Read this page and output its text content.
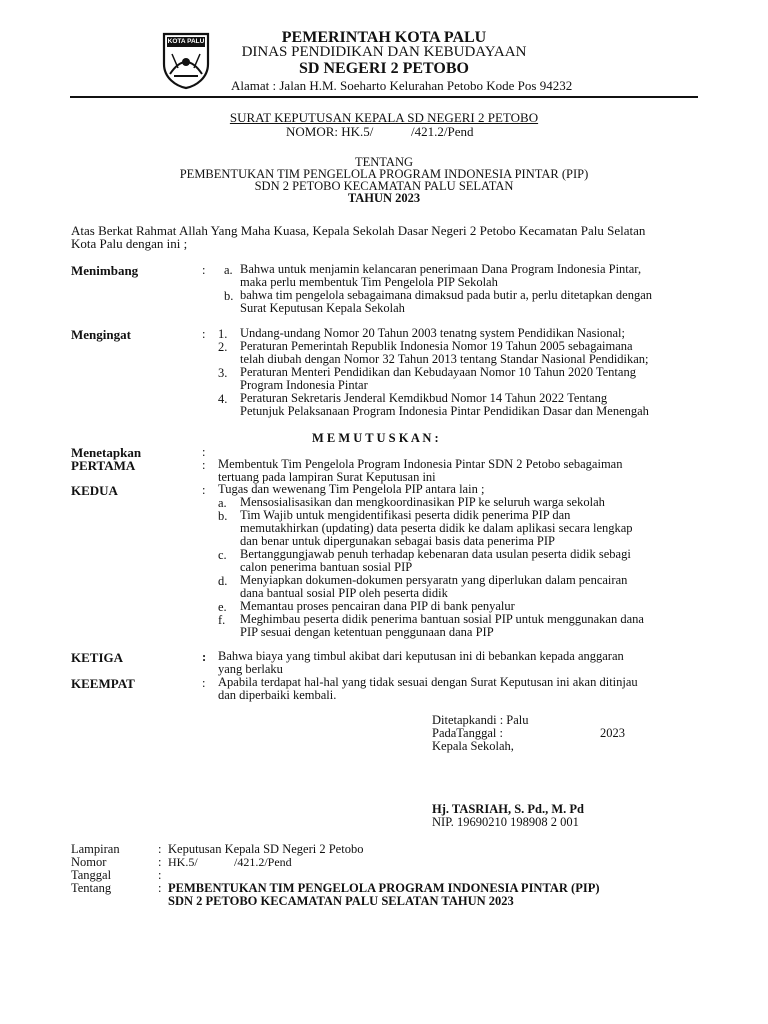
KOTA PALU	PEMERINTAH KOTA PALU
DINAS PENDIDIKAN DAN KEBUDAYAAN
SD NEGERI 2 PETOBO
Alamat : Jalan H.M. Soeharto Kelurahan Petobo Kode Pos 94232
SURAT KEPUTUSAN KEPALA SD NEGERI 2 PETOBO
NOMOR: HK.5/	/421.2/Pend
TENTANG
PEMBENTUKAN TIM PENGELOLA PROGRAM INDONESIA PINTAR (PIP)
SDN 2 PETOBO KECAMATAN PALU SELATAN
TAHUN 2023
Atas Berkat Rahmat Allah Yang Maha Kuasa, Kepala Sekolah Dasar Negeri 2 Petobo Kecamatan Palu Selatan
Kota Palu dengan ini ;
Menimbang	: a. Bahwa untuk menjamin kelancaran penerimaan Dana Program Indonesia Pintar,
maka perlu membentuk Tim Pengelola PIP Sekolah
b. bahwa tim pengelola sebagaimana dimaksud pada butir a, perlu ditetapkan dengan
Surat Keputusan Kepala Sekolah
Mengingat	: 1. Undang-undang Nomor 20 Tahun 2003 tenatng system Pendidikan Nasional;
2. Peraturan Pemerintah Republik Indonesia Nomor 19 Tahun 2005 sebagaimana
telah diubah dengan Nomor 32 Tahun 2013 tentang Standar Nasional Pendidikan;
3. Peraturan Menteri Pendidikan dan Kebudayaan Nomor 10 Tahun 2020 Tentang
Program Indonesia Pintar
4. Peraturan Sekretaris Jenderal Kemdikbud Nomor 14 Tahun 2022 Tentang
Petunjuk Pelaksanaan Program Indonesia Pintar Pendidikan Dasar dan Menengah
M E M U T U S K A N :
Menetapkan	:
PERTAMA	: Membentuk Tim Pengelola Program Indonesia Pintar SDN 2 Petobo sebagaiman
tertuang pada lampiran Surat Keputusan ini
KEDUA	: Tugas dan wewenang Tim Pengelola PIP antara lain ;
a. Mensosialisasikan dan mengkoordinasikan PIP ke seluruh warga sekolah
b. Tim Wajib untuk mengidentifikasi peserta didik penerima PIP dan
memutakhirkan (updating) data peserta didik ke dalam aplikasi secara lengkap
dan benar untuk dipergunakan sebagai basis data penerima PIP
c. Bertanggungjawab penuh terhadap kebenaran data usulan peserta didik sebagi
calon penerima bantuan sosial PIP
d. Menyiapkan dokumen-dokumen persyaratn yang diperlukan dalam pencairan
dana bantual sosial PIP oleh peserta didik
e. Memantau proses pencairan dana PIP di bank penyalur
f. Meghimbau peserta didik penerima bantuan sosial PIP untuk menggunakan dana
PIP sesuai dengan ketentuan penggunaan dana PIP
KETIGA	: Bahwa biaya yang timbul akibat dari keputusan ini di bebankan kepada anggaran
yang berlaku
KEEMPAT	: Apabila terdapat hal-hal yang tidak sesuai dengan Surat Keputusan ini akan ditinjau
dan diperbaiki kembali.
Ditetapkandi : Palu
PadaTanggal :	2023
Kepala Sekolah,
Hj. TASRIAH, S. Pd., M. Pd
NIP. 19690210 198908 2 001
Lampiran	: Keputusan Kepala SD Negeri 2 Petobo
Nomor	: HK.5/	/421.2/Pend
Tanggal	:
Tentang	: PEMBENTUKAN TIM PENGELOLA PROGRAM INDONESIA PINTAR (PIP)
SDN 2 PETOBO KECAMATAN PALU SELATAN TAHUN 2023
